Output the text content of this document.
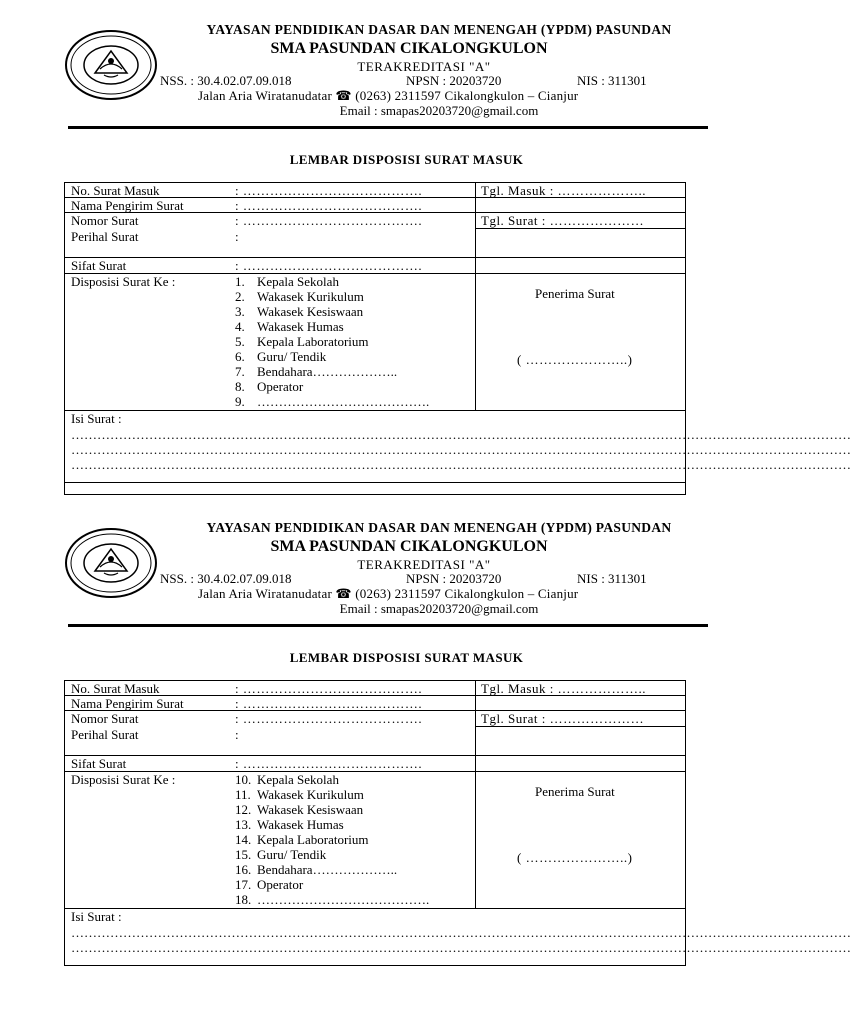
YAYASAN PENDIDIKAN DASAR DAN MENENGAH (YPDM) PASUNDAN
SMA PASUNDAN CIKALONGKULON
TERAKREDITASI "A"
NSS. : 30.4.02.07.09.018	NPSN : 20203720	NIS : 311301
Jalan Aria Wiratanudatar ☎ (0263) 2311597 Cikalongkulon – Cianjur
Email : smapas20203720@gmail.com
LEMBAR DISPOSISI SURAT MASUK
No. Surat Masuk	: ………………………………….	Tgl. Masuk : ………………..
Nama Pengirim Surat	: ………………………………….
Nomor Surat	: ………………………………….	Tgl. Surat : …………………
Perihal Surat	:
Sifat Surat	: ………………………………….
Disposisi Surat Ke :	1. Kepala Sekolah
2. Wakasek Kurikulum
3. Wakasek Kesiswaan
4. Wakasek Humas
5. Kepala Laboratorium
6. Guru/ Tendik
7. Bendahara………………..
8. Operator
9. ………………………………….
Penerima Surat
( …………………..)
Isi Surat :
………………………………………………………………………………………………………………………………………………………………
………………………………………………………………………………………………………………………………………………………………
………………………………………………………………………………………………………………………………………………………………
YAYASAN PENDIDIKAN DASAR DAN MENENGAH (YPDM) PASUNDAN
SMA PASUNDAN CIKALONGKULON
TERAKREDITASI "A"
NSS. : 30.4.02.07.09.018	NPSN : 20203720	NIS : 311301
Jalan Aria Wiratanudatar ☎ (0263) 2311597 Cikalongkulon – Cianjur
Email : smapas20203720@gmail.com
LEMBAR DISPOSISI SURAT MASUK
No. Surat Masuk	: ………………………………….	Tgl. Masuk : ………………..
Nama Pengirim Surat	: ………………………………….
Nomor Surat	: ………………………………….	Tgl. Surat : …………………
Perihal Surat	:
Sifat Surat	: ………………………………….
Disposisi Surat Ke :	10. Kepala Sekolah
11. Wakasek Kurikulum
12. Wakasek Kesiswaan
13. Wakasek Humas
14. Kepala Laboratorium
15. Guru/ Tendik
16. Bendahara………………..
17. Operator
18. ………………………………….
Penerima Surat
( …………………..)
Isi Surat :
………………………………………………………………………………………………………………………………………………………………
………………………………………………………………………………………………………………………………………………………………
